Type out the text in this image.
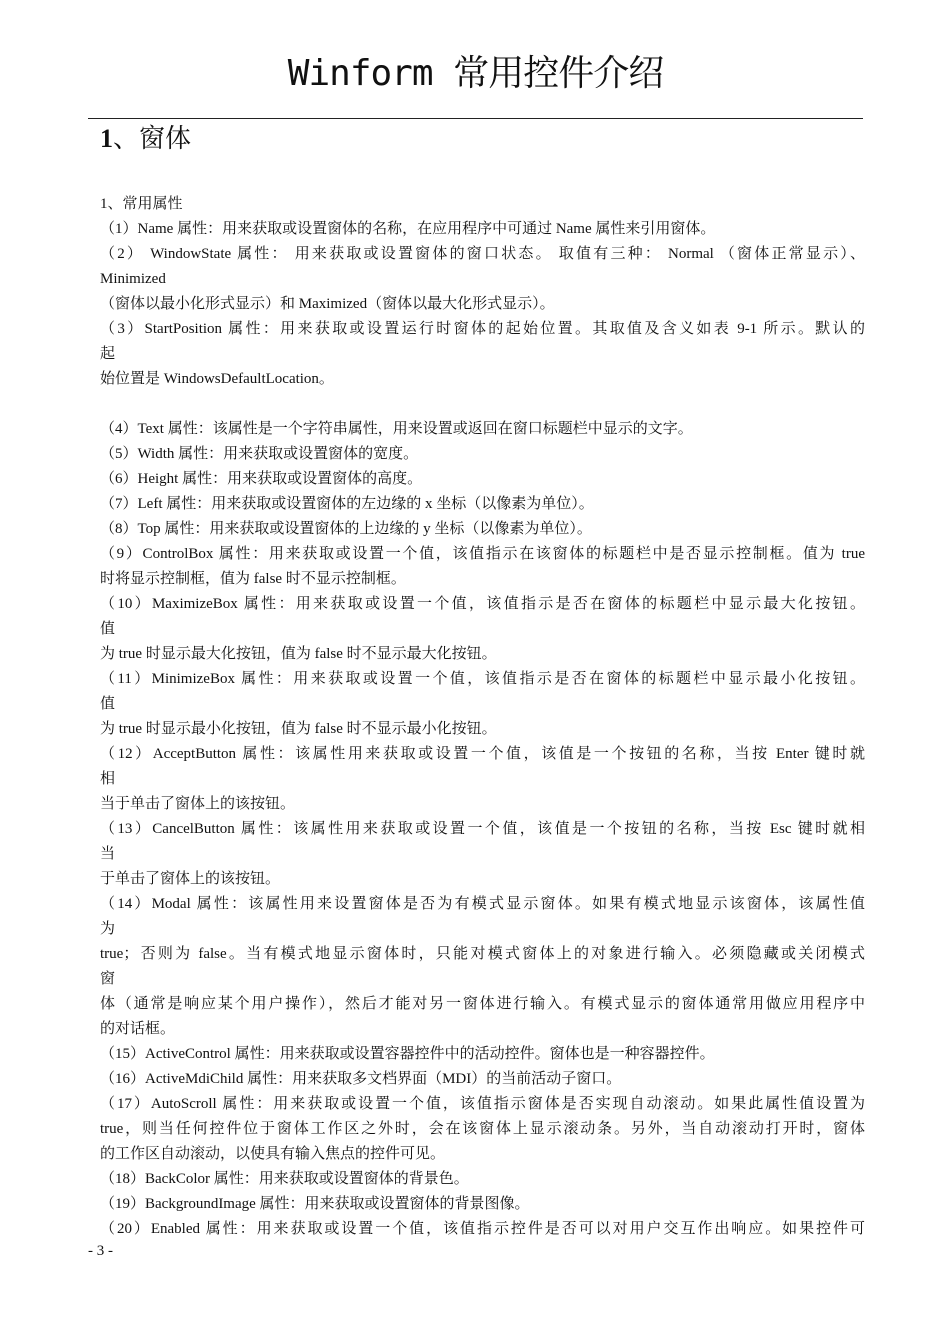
Winform 常用控件介绍
1、窗体
1、常用属性
（1）Name 属性：用来获取或设置窗体的名称，在应用程序中可通过 Name 属性来引用窗体。
（2） WindowState 属性： 用来获取或设置窗体的窗口状态。 取值有三种： Normal （窗体正常显示）、
Minimized
（窗体以最小化形式显示）和 Maximized（窗体以最大化形式显示）。
（3）StartPosition 属性：用来获取或设置运行时窗体的起始位置。其取值及含义如表 9-1 所示。默认的
起
始位置是 WindowsDefaultLocation。
（4）Text 属性：该属性是一个字符串属性，用来设置或返回在窗口标题栏中显示的文字。
（5）Width 属性：用来获取或设置窗体的宽度。
（6）Height 属性：用来获取或设置窗体的高度。
（7）Left 属性：用来获取或设置窗体的左边缘的 x 坐标（以像素为单位）。
（8）Top 属性：用来获取或设置窗体的上边缘的 y 坐标（以像素为单位）。
（9）ControlBox 属性：用来获取或设置一个值，该值指示在该窗体的标题栏中是否显示控制框。值为 true
时将显示控制框，值为 false 时不显示控制框。
（10）MaximizeBox 属性：用来获取或设置一个值，该值指示是否在窗体的标题栏中显示最大化按钮。
值
为 true 时显示最大化按钮，值为 false 时不显示最大化按钮。
（11）MinimizeBox 属性：用来获取或设置一个值，该值指示是否在窗体的标题栏中显示最小化按钮。
值
为 true 时显示最小化按钮，值为 false 时不显示最小化按钮。
（12）AcceptButton 属性：该属性用来获取或设置一个值，该值是一个按钮的名称，当按 Enter 键时就
相
当于单击了窗体上的该按钮。
（13）CancelButton 属性：该属性用来获取或设置一个值，该值是一个按钮的名称，当按 Esc 键时就相
当
于单击了窗体上的该按钮。
（14）Modal 属性：该属性用来设置窗体是否为有模式显示窗体。如果有模式地显示该窗体，该属性值
为
true；否则为 false。当有模式地显示窗体时，只能对模式窗体上的对象进行输入。必须隐藏或关闭模式
窗
体（通常是响应某个用户操作），然后才能对另一窗体进行输入。有模式显示的窗体通常用做应用程序中
的对话框。
（15）ActiveControl 属性：用来获取或设置容器控件中的活动控件。窗体也是一种容器控件。
（16）ActiveMdiChild 属性：用来获取多文档界面（MDI）的当前活动子窗口。
（17）AutoScroll 属性：用来获取或设置一个值，该值指示窗体是否实现自动滚动。如果此属性值设置为
true，则当任何控件位于窗体工作区之外时，会在该窗体上显示滚动条。另外，当自动滚动打开时，窗体
的工作区自动滚动，以使具有输入焦点的控件可见。
（18）BackColor 属性：用来获取或设置窗体的背景色。
（19）BackgroundImage 属性：用来获取或设置窗体的背景图像。
（20）Enabled 属性：用来获取或设置一个值，该值指示控件是否可以对用户交互作出响应。如果控件可
- 3 -
